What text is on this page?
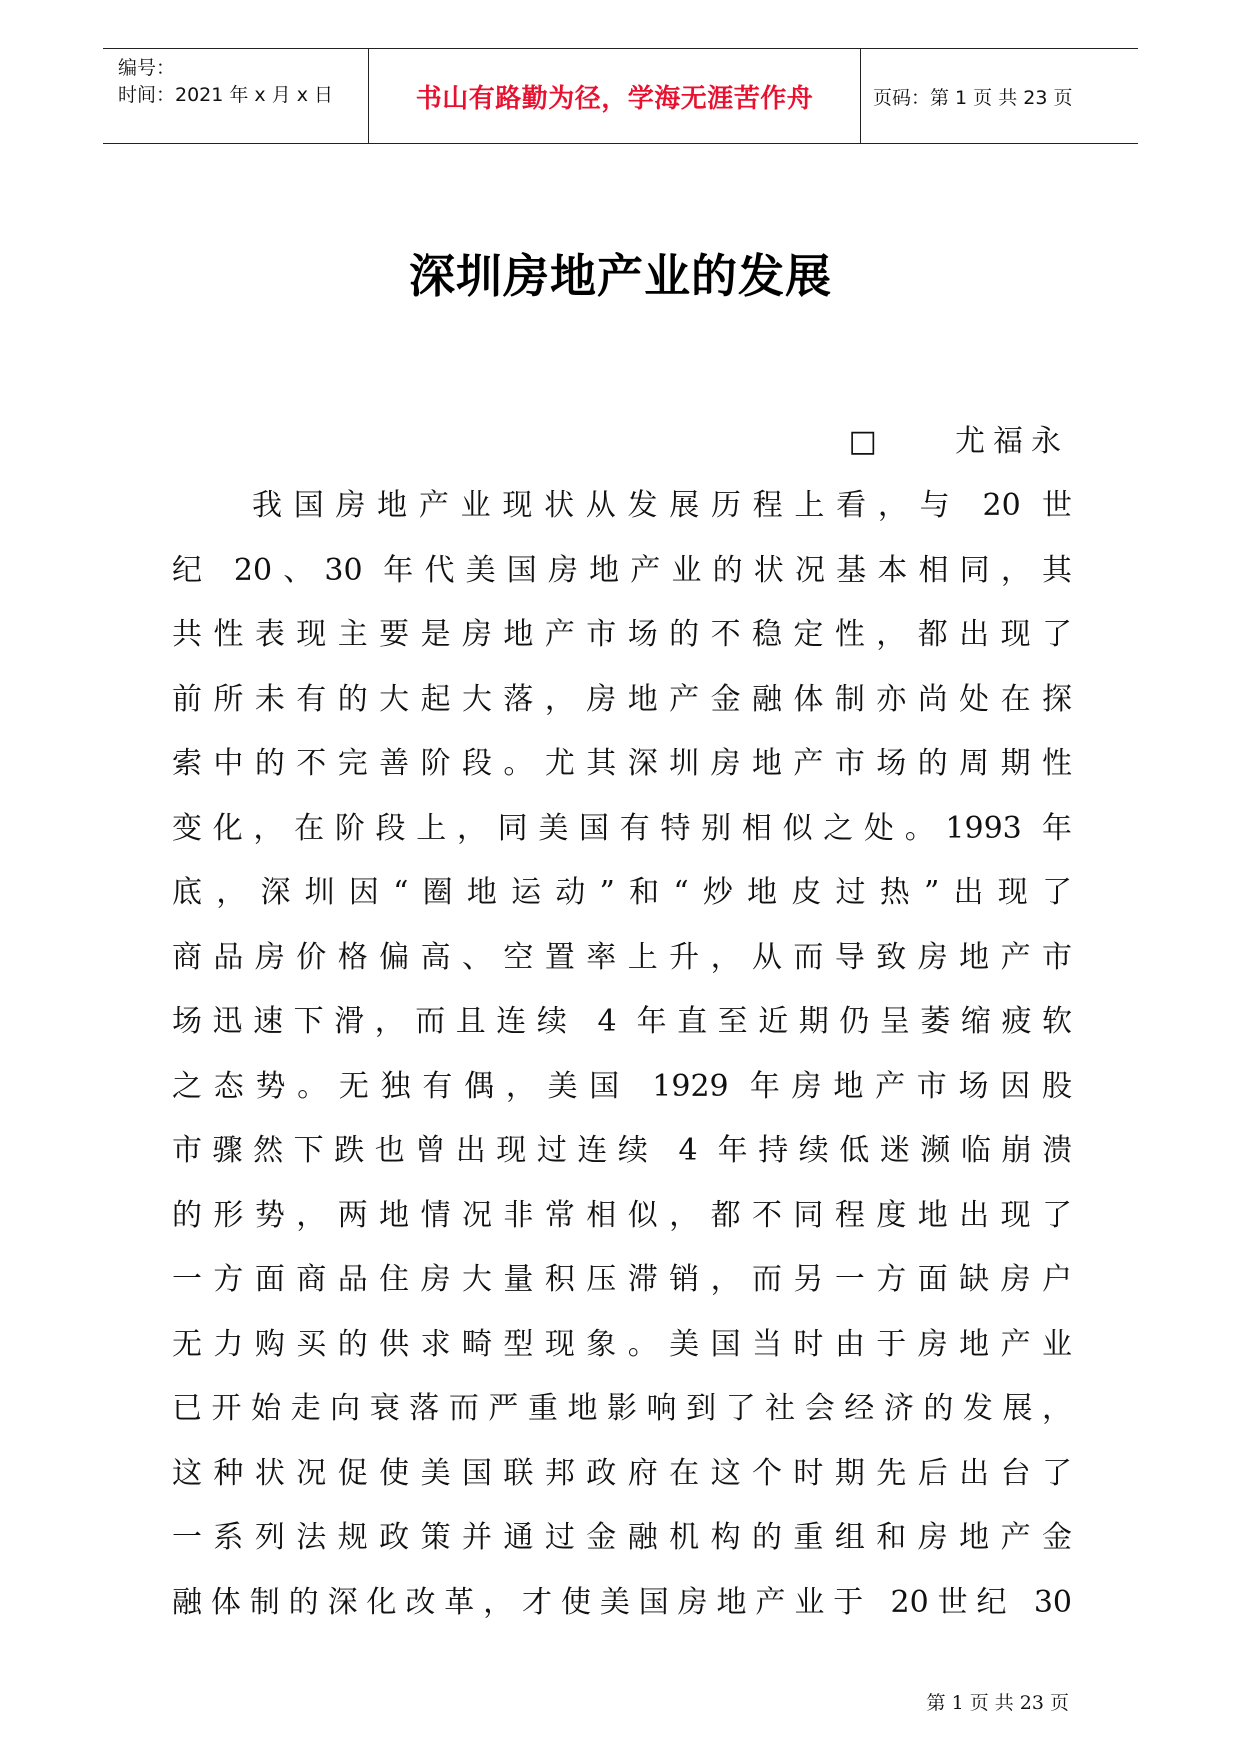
编号：
时间：2021 年 x 月 x 日	书山有路勤为径，学海无涯苦作舟	页码：第 1 页 共 23 页
深圳房地产业的发展
□    尤福永
我国房地产业现状从发展历程上看，与 20 世
纪 20、30 年代美国房地产业的状况基本相同，其
共性表现主要是房地产市场的不稳定性，都出现了
前所未有的大起大落，房地产金融体制亦尚处在探
索中的不完善阶段。尤其深圳房地产市场的周期性
变化，在阶段上，同美国有特别相似之处。1993 年
底，深圳因“圈地运动”和“炒地皮过热”出现了
商品房价格偏高、空置率上升，从而导致房地产市
场迅速下滑，而且连续 4 年直至近期仍呈萎缩疲软
之态势。无独有偶，美国 1929 年房地产市场因股
市骤然下跌也曾出现过连续 4 年持续低迷濒临崩溃
的形势，两地情况非常相似，都不同程度地出现了
一方面商品住房大量积压滞销，而另一方面缺房户
无力购买的供求畸型现象。美国当时由于房地产业
已开始走向衰落而严重地影响到了社会经济的发展，
这种状况促使美国联邦政府在这个时期先后出台了
一系列法规政策并通过金融机构的重组和房地产金
融体制的深化改革，才使美国房地产业于 20世纪 30
第 1 页 共 23 页
